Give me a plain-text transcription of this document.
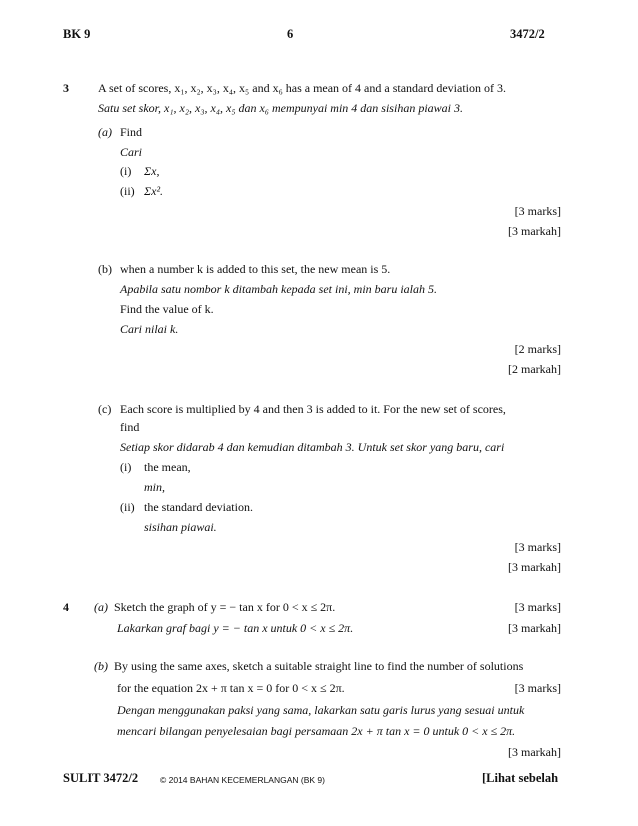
BK 9	6	3472/2
3 A set of scores, x₁, x₂, x₃, x₄, x₅ and x₆ has a mean of 4 and a standard deviation of 3.
Satu set skor, x₁, x₂, x₃, x₄, x₅ dan x₆ mempunyai min 4 dan sisihan piawai 3.
(a) Find
Cari
(i) Σx,
(ii) Σx².
[3 marks]
[3 markah]
(b) when a number k is added to this set, the new mean is 5.
Apabila satu nombor k ditambah kepada set ini, min baru ialah 5.
Find the value of k.
Cari nilai k.
[2 marks]
[2 markah]
(c) Each score is multiplied by 4 and then 3 is added to it. For the new set of scores,
find
Setiap skor didarab 4 dan kemudian ditambah 3. Untuk set skor yang baru, cari
(i) the mean,
min,
(ii) the standard deviation.
sisihan piawai.
[3 marks]
[3 markah]
4 (a) Sketch the graph of y = − tan x for 0 < x ≤ 2π.	[3 marks]
Lakarkan graf bagi y = − tan x untuk 0 < x ≤ 2π.	[3 markah]
(b) By using the same axes, sketch a suitable straight line to find the number of solutions
for the equation 2x + π tan x = 0 for 0 < x ≤ 2π.	[3 marks]
Dengan menggunakan paksi yang sama, lakarkan satu garis lurus yang sesuai untuk
mencari bilangan penyelesaian bagi persamaan 2x + π tan x = 0 untuk 0 < x ≤ 2π.
[3 markah]
SULIT 3472/2	© 2014 BAHAN KECEMERLANGAN (BK 9)	[Lihat sebelah
